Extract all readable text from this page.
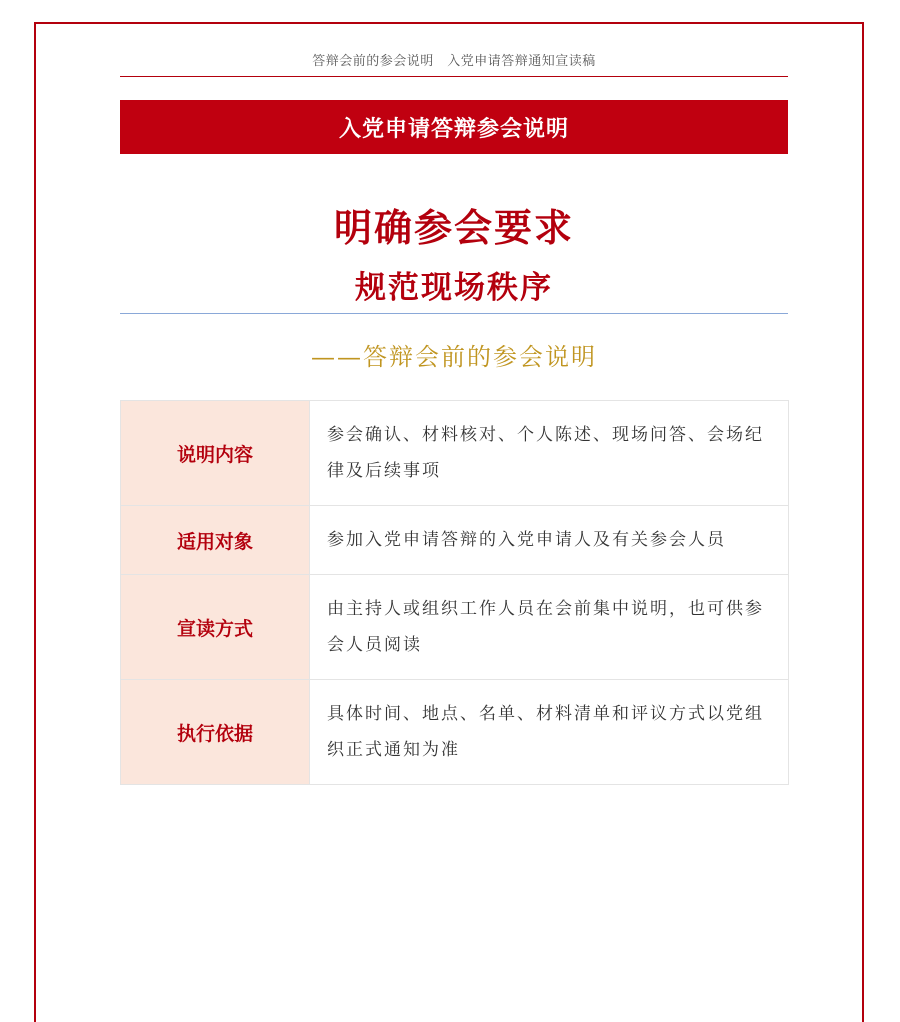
答辩会前的参会说明　入党申请答辩通知宣读稿
入党申请答辩参会说明
明确参会要求
规范现场秩序
——答辩会前的参会说明
说明内容	参会确认、材料核对、个人陈述、现场问答、会场纪律及后续事项
适用对象	参加入党申请答辩的入党申请人及有关参会人员
宣读方式	由主持人或组织工作人员在会前集中说明，也可供参会人员阅读
执行依据	具体时间、地点、名单、材料清单和评议方式以党组织正式通知为准
